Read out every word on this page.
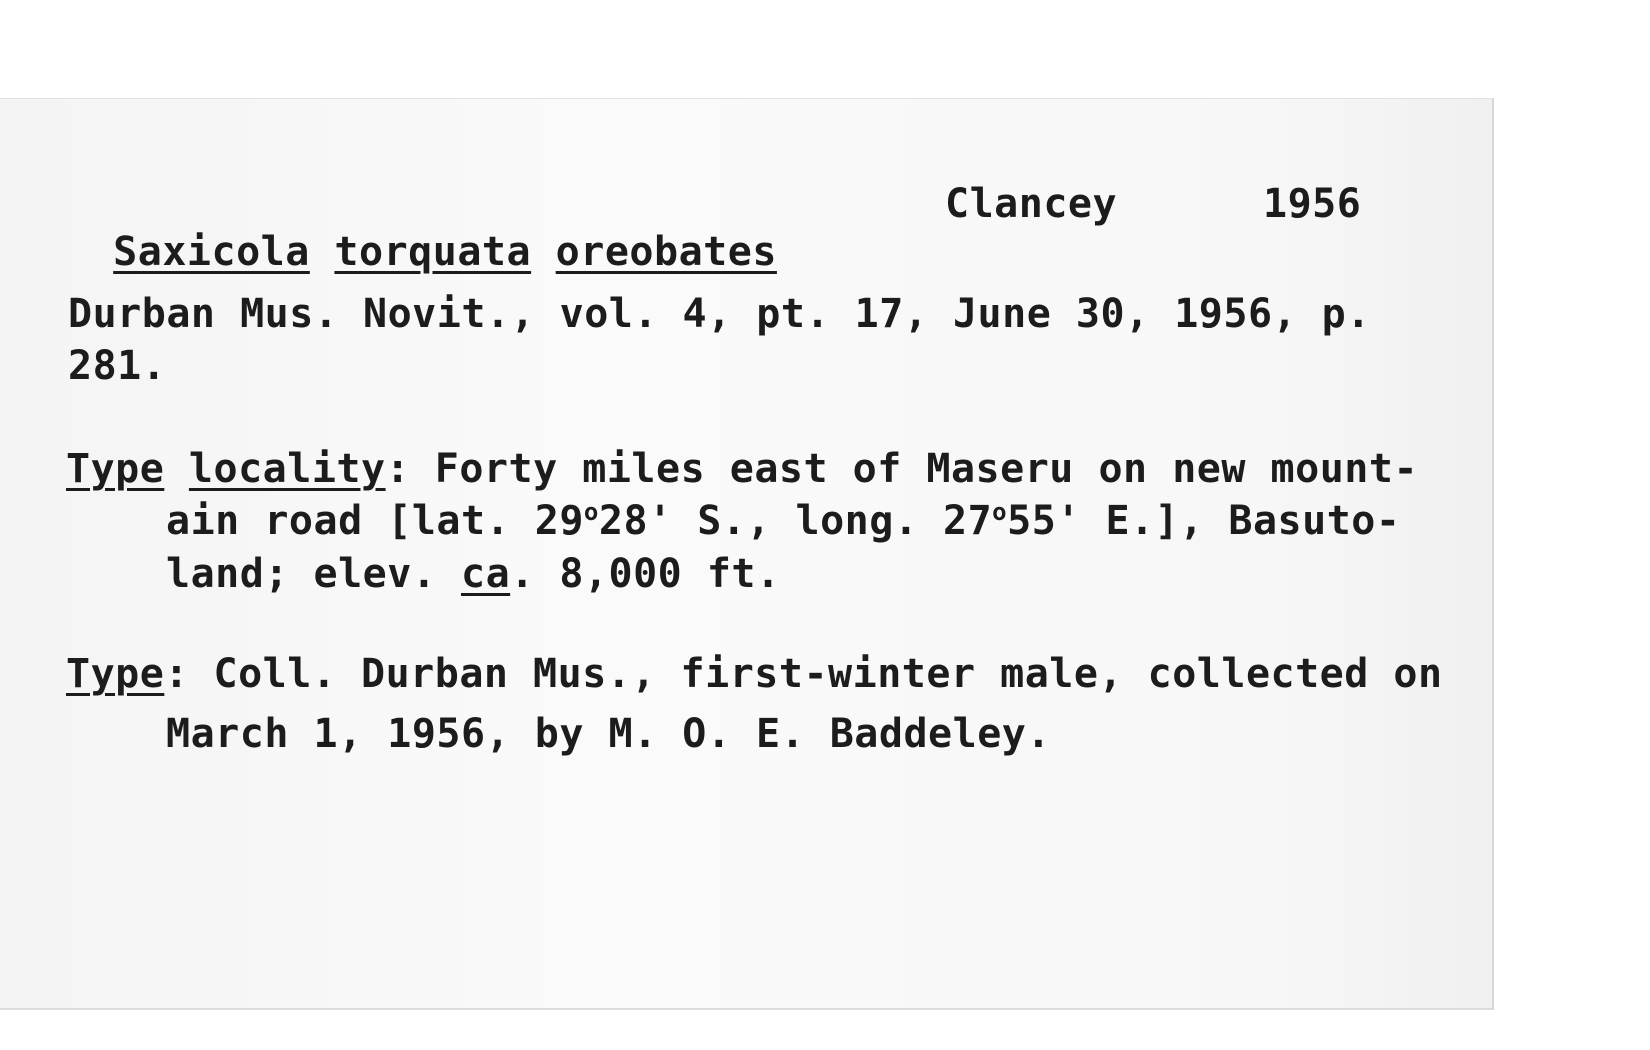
Saxicola torquata oreobates

Clancey	1956
Durban Mus. Novit., vol. 4, pt. 17, June 30, 1956, p.
281.
Type locality: Forty miles east of Maseru on new mount-
ain road [lat. 29$^o$28' S., long. 27$^o$55' E.], Basuto-
land; elev. ca. 8,000 ft.
Type: Coll. Durban Mus., first-winter male, collected on
March 1, 1956, by M. O. E. Baddeley.
